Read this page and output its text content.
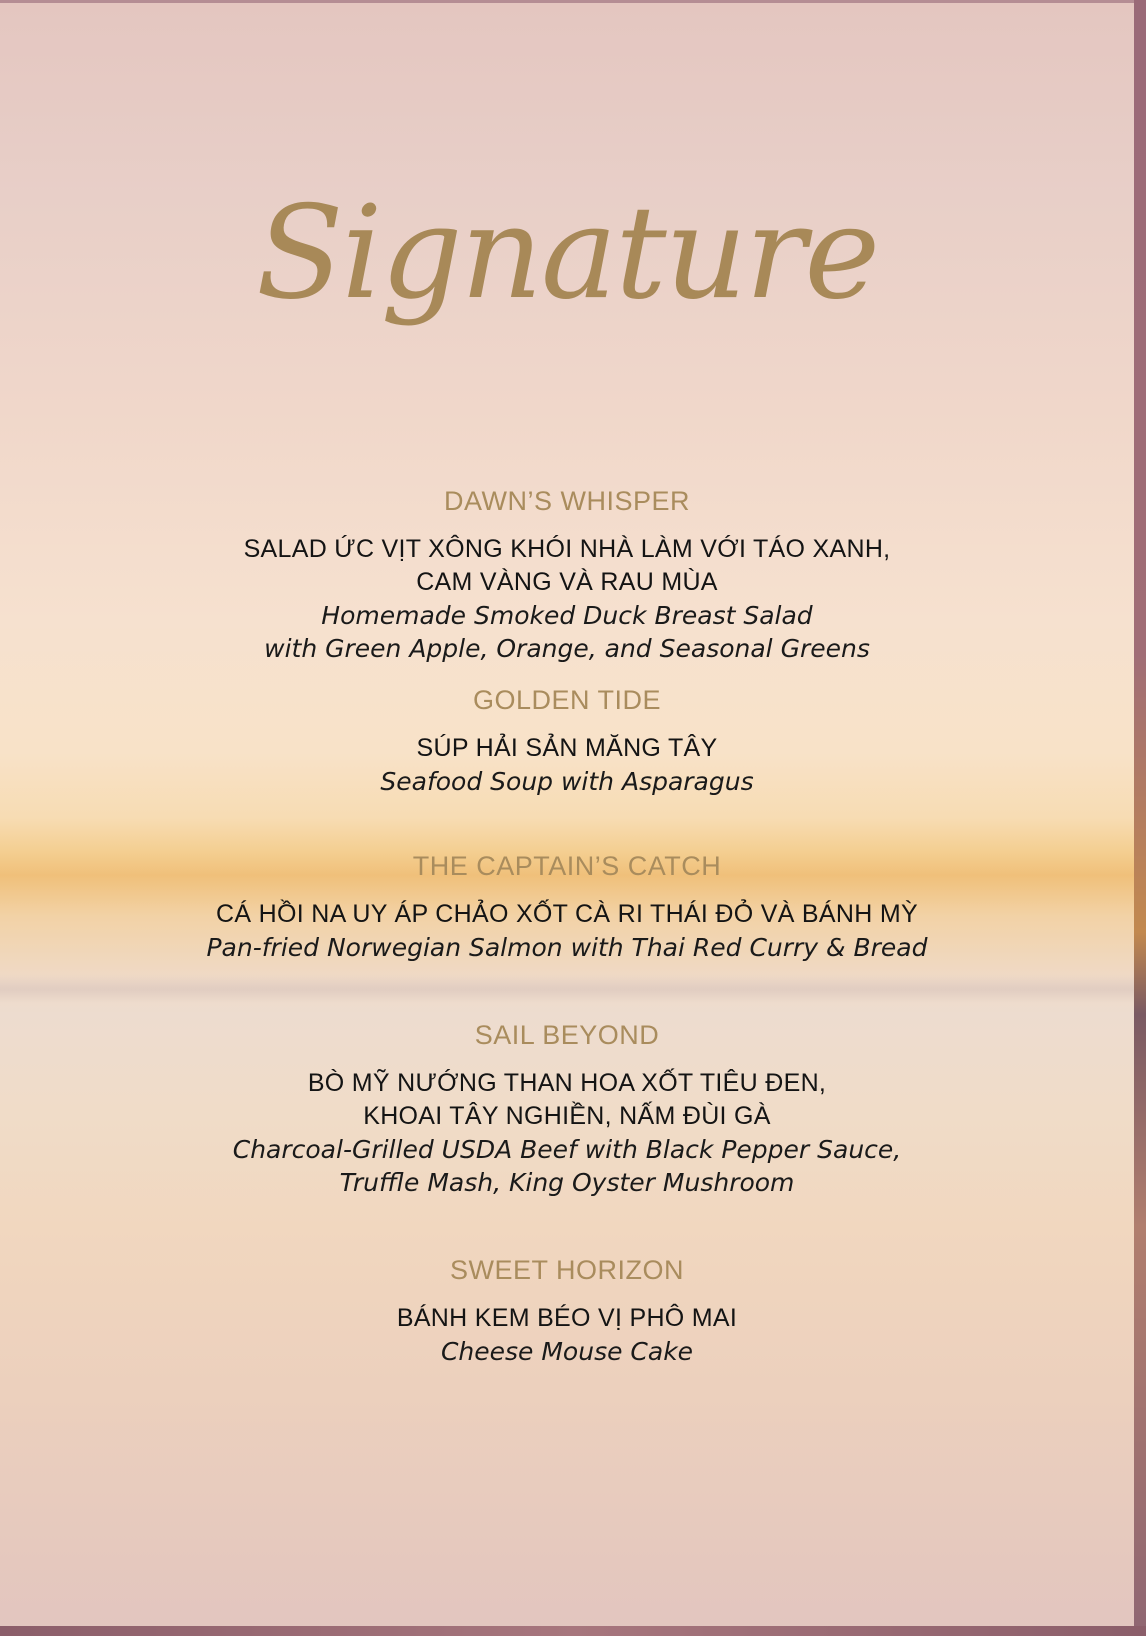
Signature
DAWN’S WHISPER
SALAD ỨC VỊT XÔNG KHÓI NHÀ LÀM VỚI TÁO XANH,
CAM VÀNG VÀ RAU MÙA
Homemade Smoked Duck Breast Salad
with Green Apple, Orange, and Seasonal Greens
GOLDEN TIDE
SÚP HẢI SẢN MĂNG TÂY
Seafood Soup with Asparagus
THE CAPTAIN’S CATCH
CÁ HỒI NA UY ÁP CHẢO XỐT CÀ RI THÁI ĐỎ VÀ BÁNH MỲ
Pan-fried Norwegian Salmon with Thai Red Curry & Bread
SAIL BEYOND
BÒ MỸ NƯỚNG THAN HOA XỐT TIÊU ĐEN,
KHOAI TÂY NGHIỀN, NẤM ĐÙI GÀ
Charcoal-Grilled USDA Beef with Black Pepper Sauce,
Truffle Mash, King Oyster Mushroom
SWEET HORIZON
BÁNH KEM BÉO VỊ PHÔ MAI
Cheese Mouse Cake
